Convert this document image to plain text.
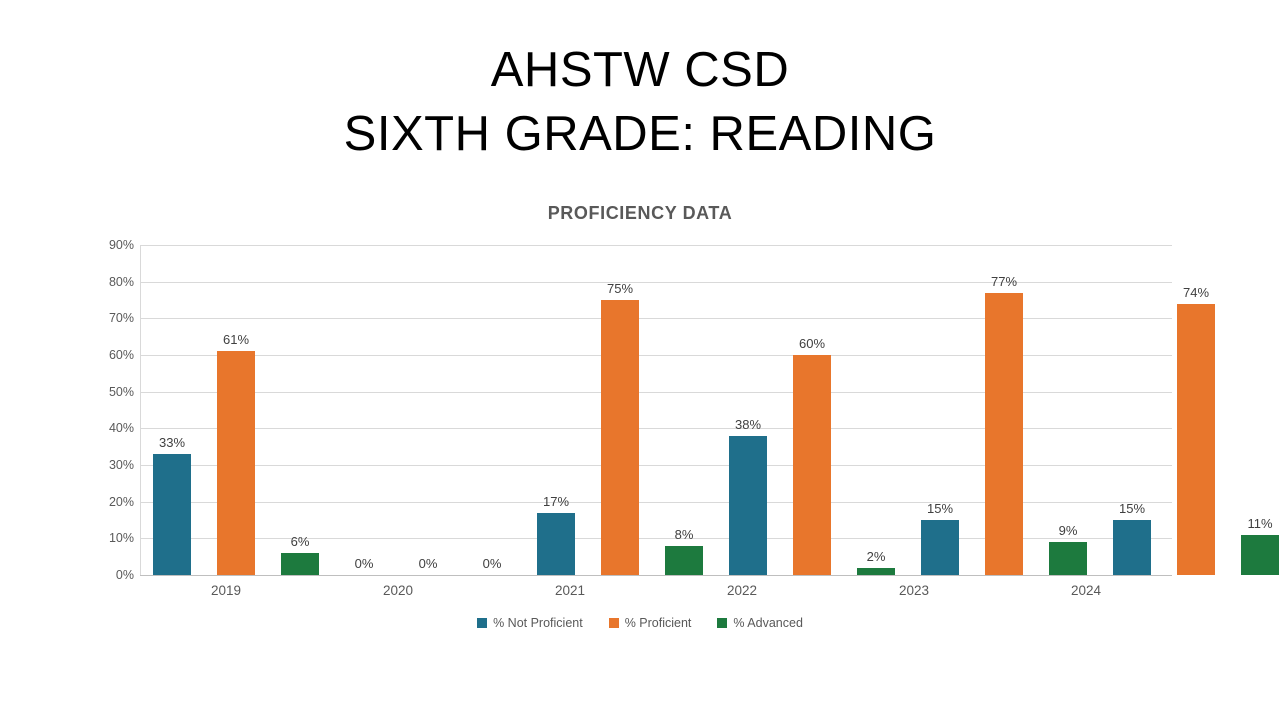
AHSTW CSD
SIXTH GRADE: READING
PROFICIENCY DATA
0%
10%
20%
30%
40%
50%
60%
70%
80%
90%
33%
61%
6%
0%	0%	0%
17%
75%
8%
38%
60%
2%
15%
77%
9%
15%
74%
11%
2019	2020	2021	2022	2023	2024
% Not Proficient	% Proficient	% Advanced
